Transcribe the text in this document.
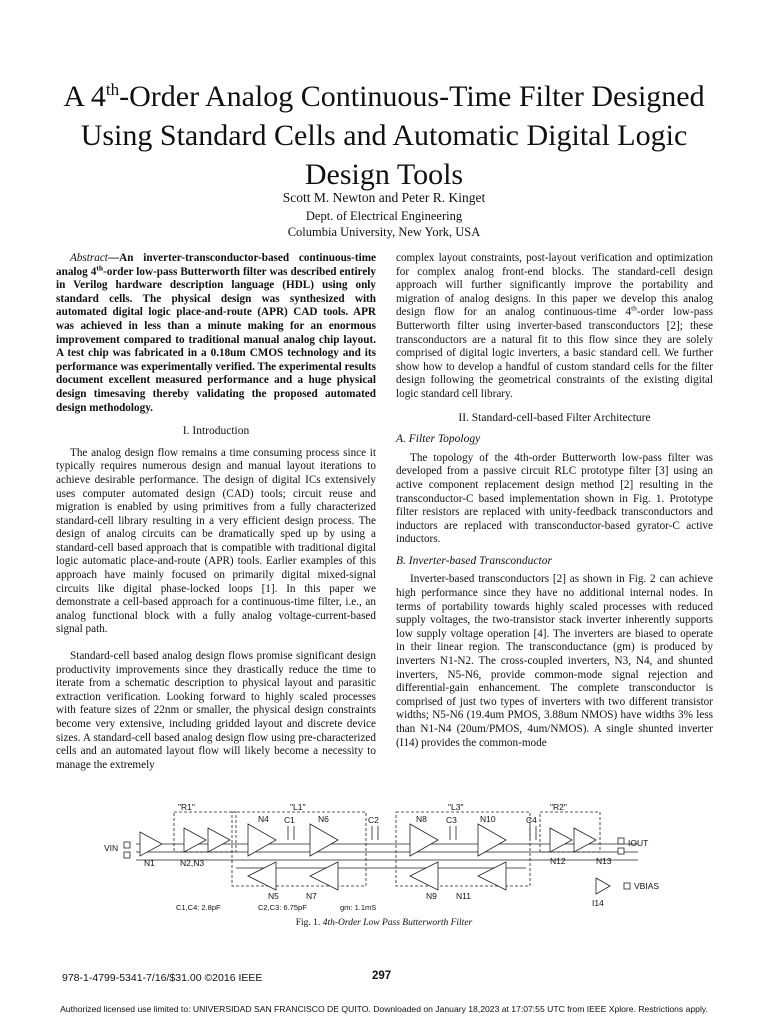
A 4th-Order Analog Continuous-Time Filter Designed Using Standard Cells and Automatic Digital Logic Design Tools
Scott M. Newton and Peter R. Kinget
Dept. of Electrical Engineering
Columbia University, New York, USA

Abstract—An inverter-transconductor-based continuous-time analog 4th-order low-pass Butterworth filter was described entirely in Verilog hardware description language (HDL) using only standard cells. The physical design was synthesized with automated digital logic place-and-route (APR) CAD tools. APR was achieved in less than a minute making for an enormous improvement compared to traditional manual analog chip layout. A test chip was fabricated in a 0.18um CMOS technology and its performance was experimentally verified. The experimental results document excellent measured performance and a huge physical design timesaving thereby validating the proposed automated design methodology.

I. Introduction

The analog design flow remains a time consuming process since it typically requires numerous design and manual layout iterations to achieve desirable performance. The design of digital ICs extensively uses computer automated design (CAD) tools; circuit reuse and migration is enabled by using primitives from a fully characterized standard-cell library resulting in a very efficient design process. The design of analog circuits can be dramatically sped up by using a standard-cell based approach that is compatible with traditional digital logic automatic place-and-route (APR) tools. Earlier examples of this approach have mainly focused on primarily digital mixed-signal circuits like digital phase-locked loops [1]. In this paper we demonstrate a cell-based approach for a continuous-time filter, i.e., an analog functional block with a fully analog voltage-current-based signal path.

Standard-cell based analog design flows promise significant design productivity improvements since they drastically reduce the time to iterate from a schematic description to physical layout and parasitic extraction verification. Looking forward to highly scaled processes with feature sizes of 22nm or smaller, the physical design constraints become very extensive, including gridded layout and discrete device sizes. A standard-cell based analog design flow using pre-characterized cells and an automated layout flow will likely become a necessity to manage the extremely

complex layout constraints, post-layout verification and optimization for complex analog front-end blocks. The standard-cell design approach will further significantly improve the portability and migration of analog designs. In this paper we develop this analog design flow for an analog continuous-time 4th-order low-pass Butterworth filter using inverter-based transconductors [2]; these transconductors are a natural fit to this flow since they are solely comprised of digital logic inverters, a basic standard cell. We further show how to develop a handful of custom standard cells for the filter design following the geometrical constraints of the existing digital logic standard cell library.

II. Standard-cell-based Filter Architecture
A. Filter Topology

The topology of the 4th-order Butterworth low-pass filter was developed from a passive circuit RLC prototype filter [3] using an active component replacement design method [2] resulting in the transconductor-C based implementation shown in Fig. 1. Prototype filter resistors are replaced with unity-feedback transconductors and inductors are replaced with transconductor-based gyrator-C active inductors.

B. Inverter-based Transconductor

Inverter-based transconductors [2] as shown in Fig. 2 can achieve high performance since they have no additional internal nodes. In terms of portability towards highly scaled processes with reduced supply voltages, the two-transistor stack inverter inherently supports low supply voltage operation [4]. The inverters are biased to operate in their linear region. The transconductance (gm) is produced by inverters N1-N2. The cross-coupled inverters, N3, N4, and shunted inverters, N5-N6, provide common-mode signal rejection and differential-gain enhancement. The complete transconductor is comprised of just two types of inverters with two different transistor widths; N5-N6 (19.4um PMOS, 3.88um NMOS) have widths 3% less than N1-N4 (20um/PMOS, 4um/NMOS). A single shunted inverter (I14) provides the common-mode

"R1"	"L1"	"L3"	"R2"
VIN	IOUT
VBIAS
N1	N2,N3
N4
N5
N6
N7
N8
N9
N10
N11
N12	N13
I14
C1	C2	C3	C4
C1,C4: 2.8pF	C2,C3: 6.75pF	gm: 1.1mS
Fig. 1. 4th-Order Low Pass Butterworth Filter
978-1-4799-5341-7/16/$31.00 ©2016 IEEE	297
Authorized licensed use limited to: UNIVERSIDAD SAN FRANCISCO DE QUITO. Downloaded on January 18,2023 at 17:07:55 UTC from IEEE Xplore. Restrictions apply.
